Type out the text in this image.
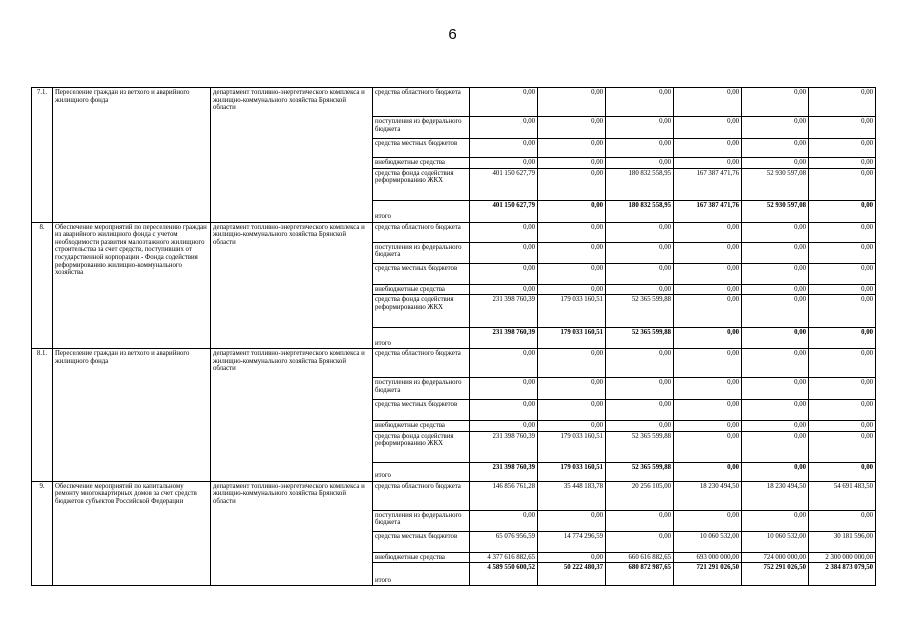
6
7.1.	Переселение граждан из ветхого и аварийного жилищного фонда	департамент топливно-энергетического комплекса и жилищно-коммунального хозяйства Брянской области	средства областного бюджета	0,00	0,00	0,00	0,00	0,00	0,00
			поступления из федерального бюджета	0,00	0,00	0,00	0,00	0,00	0,00
			средства местных бюджетов	0,00	0,00	0,00	0,00	0,00	0,00
			внебюджетные средства	0,00	0,00	0,00	0,00	0,00	0,00
			средства фонда содействия реформированию ЖКХ	401 150 627,79	0,00	180 832 558,95	167 387 471,76	52 930 597,08	0,00
			итого	401 150 627,79	0,00	180 832 558,95	167 387 471,76	52 930 597,08	0,00
8.	Обеспечение мероприятий по переселению граждан из аварийного жилищного фонда с учетом необходимости развития малоэтажного жилищного строительства за счет средств, поступивших от государственной корпорации - Фонда содействия реформированию жилищно-коммунального хозяйства	департамент топливно-энергетического комплекса и жилищно-коммунального хозяйства Брянской области	средства областного бюджета	0,00	0,00	0,00	0,00	0,00	0,00
			поступления из федерального бюджета	0,00	0,00	0,00	0,00	0,00	0,00
			средства местных бюджетов	0,00	0,00	0,00	0,00	0,00	0,00
			внебюджетные средства	0,00	0,00	0,00	0,00	0,00	0,00
			средства фонда содействия реформированию ЖКХ	231 398 760,39	179 033 160,51	52 365 599,88	0,00	0,00	0,00
			итого	231 398 760,39	179 033 160,51	52 365 599,88	0,00	0,00	0,00
8.1.	Переселение граждан из ветхого и аварийного жилищного фонда	департамент топливно-энергетического комплекса и жилищно-коммунального хозяйства Брянской области	средства областного бюджета	0,00	0,00	0,00	0,00	0,00	0,00
			поступления из федерального бюджета	0,00	0,00	0,00	0,00	0,00	0,00
			средства местных бюджетов	0,00	0,00	0,00	0,00	0,00	0,00
			внебюджетные средства	0,00	0,00	0,00	0,00	0,00	0,00
			средства фонда содействия реформированию ЖКХ	231 398 760,39	179 033 160,51	52 365 599,88	0,00	0,00	0,00
			итого	231 398 760,39	179 033 160,51	52 365 599,88	0,00	0,00	0,00
9.	Обеспечение мероприятий по капитальному ремонту многоквартирных домов за счет средств бюджетов субъектов Российской Федерации	департамент топливно-энергетического комплекса и жилищно-коммунального хозяйства Брянской области	средства областного бюджета	146 856 761,28	35 448 183,78	20 256 105,00	18 230 494,50	18 230 494,50	54 691 483,50
			поступления из федерального бюджета	0,00	0,00	0,00	0,00	0,00	0,00
			средства местных бюджетов	65 076 956,59	14 774 296,59	0,00	10 060 532,00	10 060 532,00	30 181 596,00
			внебюджетные средства	4 377 616 882,65	0,00	660 616 882,65	693 000 000,00	724 000 000,00	2 300 000 000,00
			итого	4 589 550 600,52	50 222 480,37	680 872 987,65	721 291 026,50	752 291 026,50	2 384 873 079,50
